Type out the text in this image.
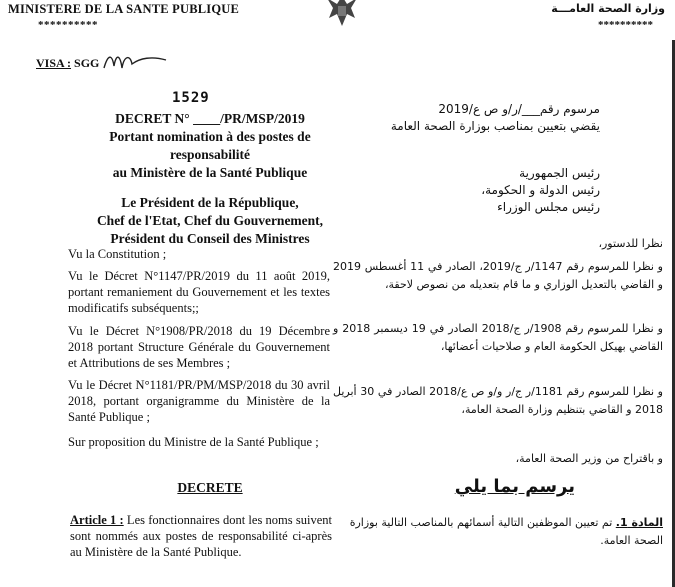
MINISTERE DE LA SANTE PUBLIQUE
**********
وزارة الصحة العامـــة
**********
VISA : SGG
1529
DECRET N° ____/PR/MSP/2019
Portant nomination à des postes de
responsabilité
au Ministère de la Santé Publique
Le Président de la République,
Chef de l'Etat, Chef du Gouvernement,
Président du Conseil des Ministres
Vu la Constitution ;
Vu le Décret N°1147/PR/2019 du 11 août 2019, portant remaniement du Gouvernement et les textes modificatifs subséquents;;
Vu le Décret N°1908/PR/2018 du 19 Décembre 2018 portant Structure Générale du Gouvernement et Attributions de ses Membres ;
Vu le Décret N°1181/PR/PM/MSP/2018 du 30 avril 2018, portant organigramme du Ministère de la Santé Publique ;
Sur proposition du Ministre de la Santé Publique ;
DECRETE
Article 1 : Les fonctionnaires dont les noms suivent sont nommés aux postes de responsabilité ci-après au Ministère de la Santé Publique.
مرسوم رقم___/ر/و ص ع/2019
يقضي بتعيين بمناصب بوزارة الصحة العامة
رئيس الجمهورية
رئيس الدولة و الحكومة،
رئيس مجلس الوزراء
نظرا للدستور،
و نظرا للمرسوم رقم 1147/ر ج/2019، الصادر في 11 أغسطس 2019 و القاضي بالتعديل الوزاري و ما قام بتعديله من نصوص لاحقة،
و نظرا للمرسوم رقم 1908/ر ج/2018 الصادر في 19 ديسمبر 2018 و القاضي بهيكل الحكومة العام و صلاحيات أعضائها،
و نظرا للمرسوم رقم 1181/ر ج/ر و/و ص ع/2018 الصادر في 30 أبريل 2018 و القاضي بتنظيم وزارة الصحة العامة،
و باقتراح من وزير الصحة العامة،
يرسم بما يلي
المادة 1. تم تعيين الموظفين التالية أسمائهم بالمناصب التالية بوزارة الصحة العامة.
